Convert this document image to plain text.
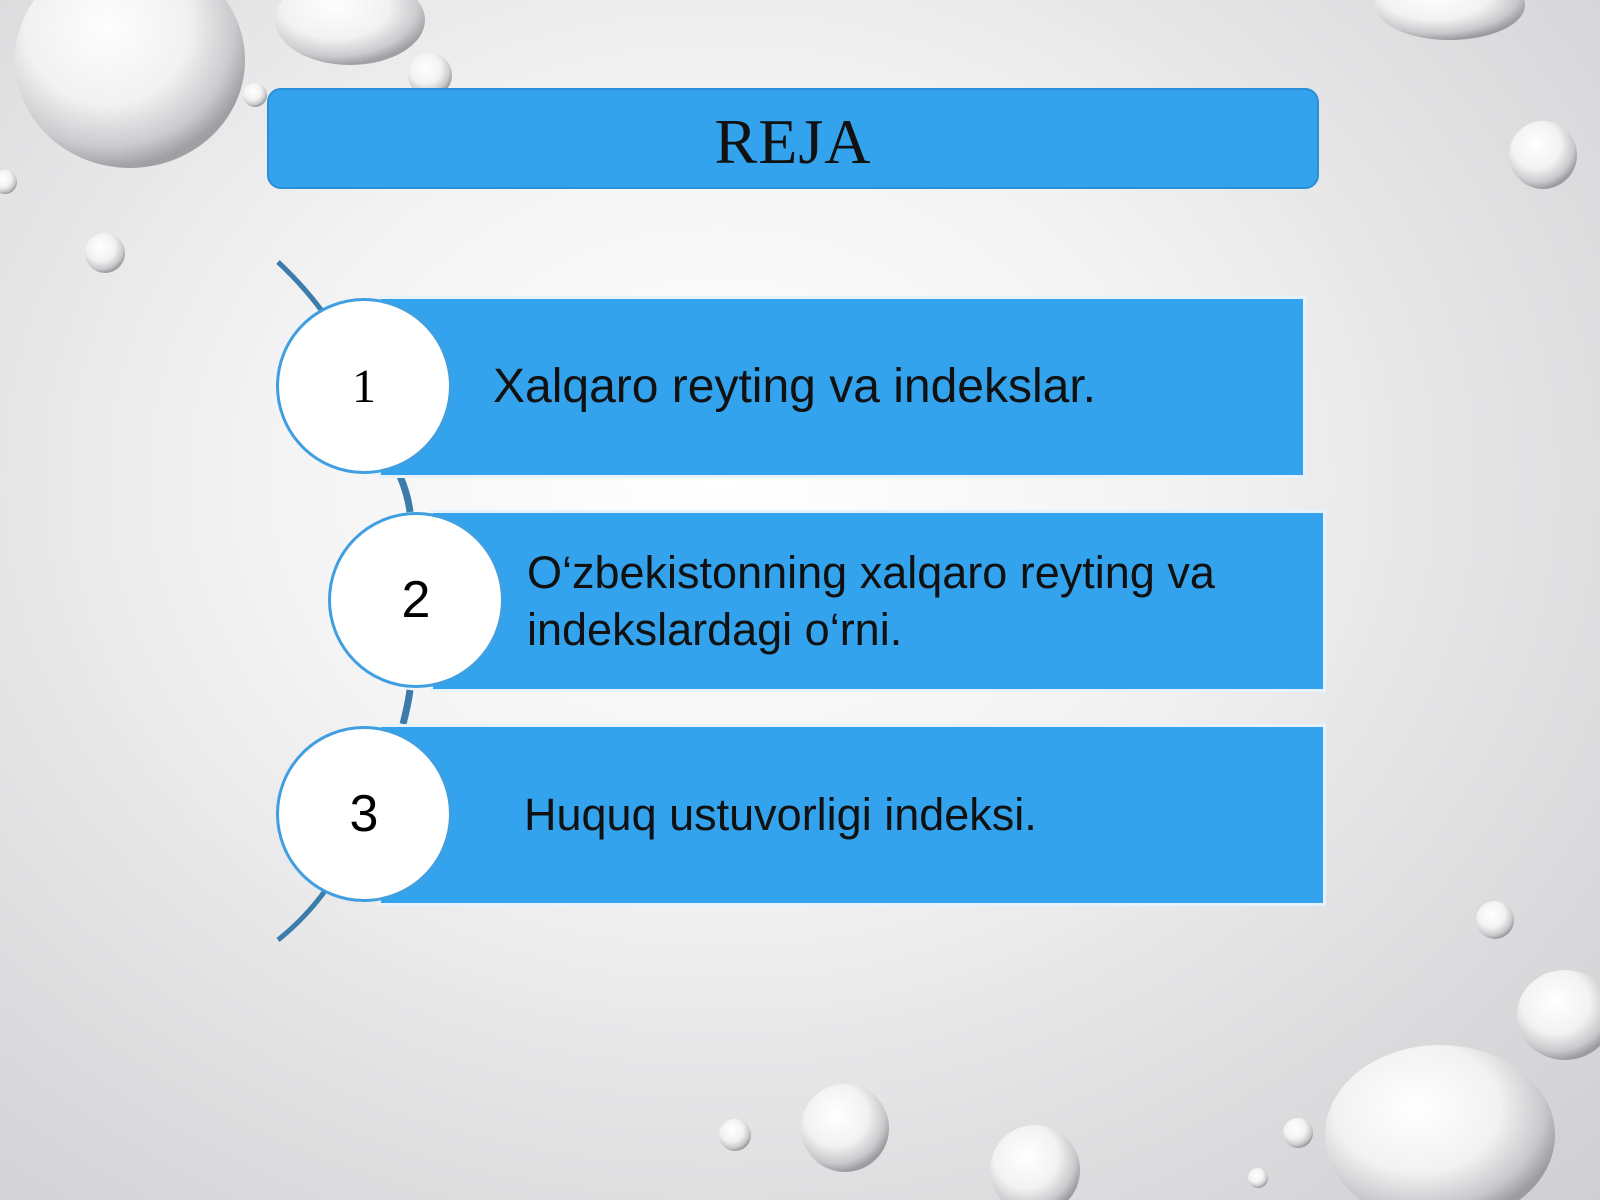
REJA
Xalqaro reyting va indekslar.
1
O‘zbekistonning xalqaro reyting va indekslardagi o‘rni.
2
Huquq ustuvorligi indeksi.
3
